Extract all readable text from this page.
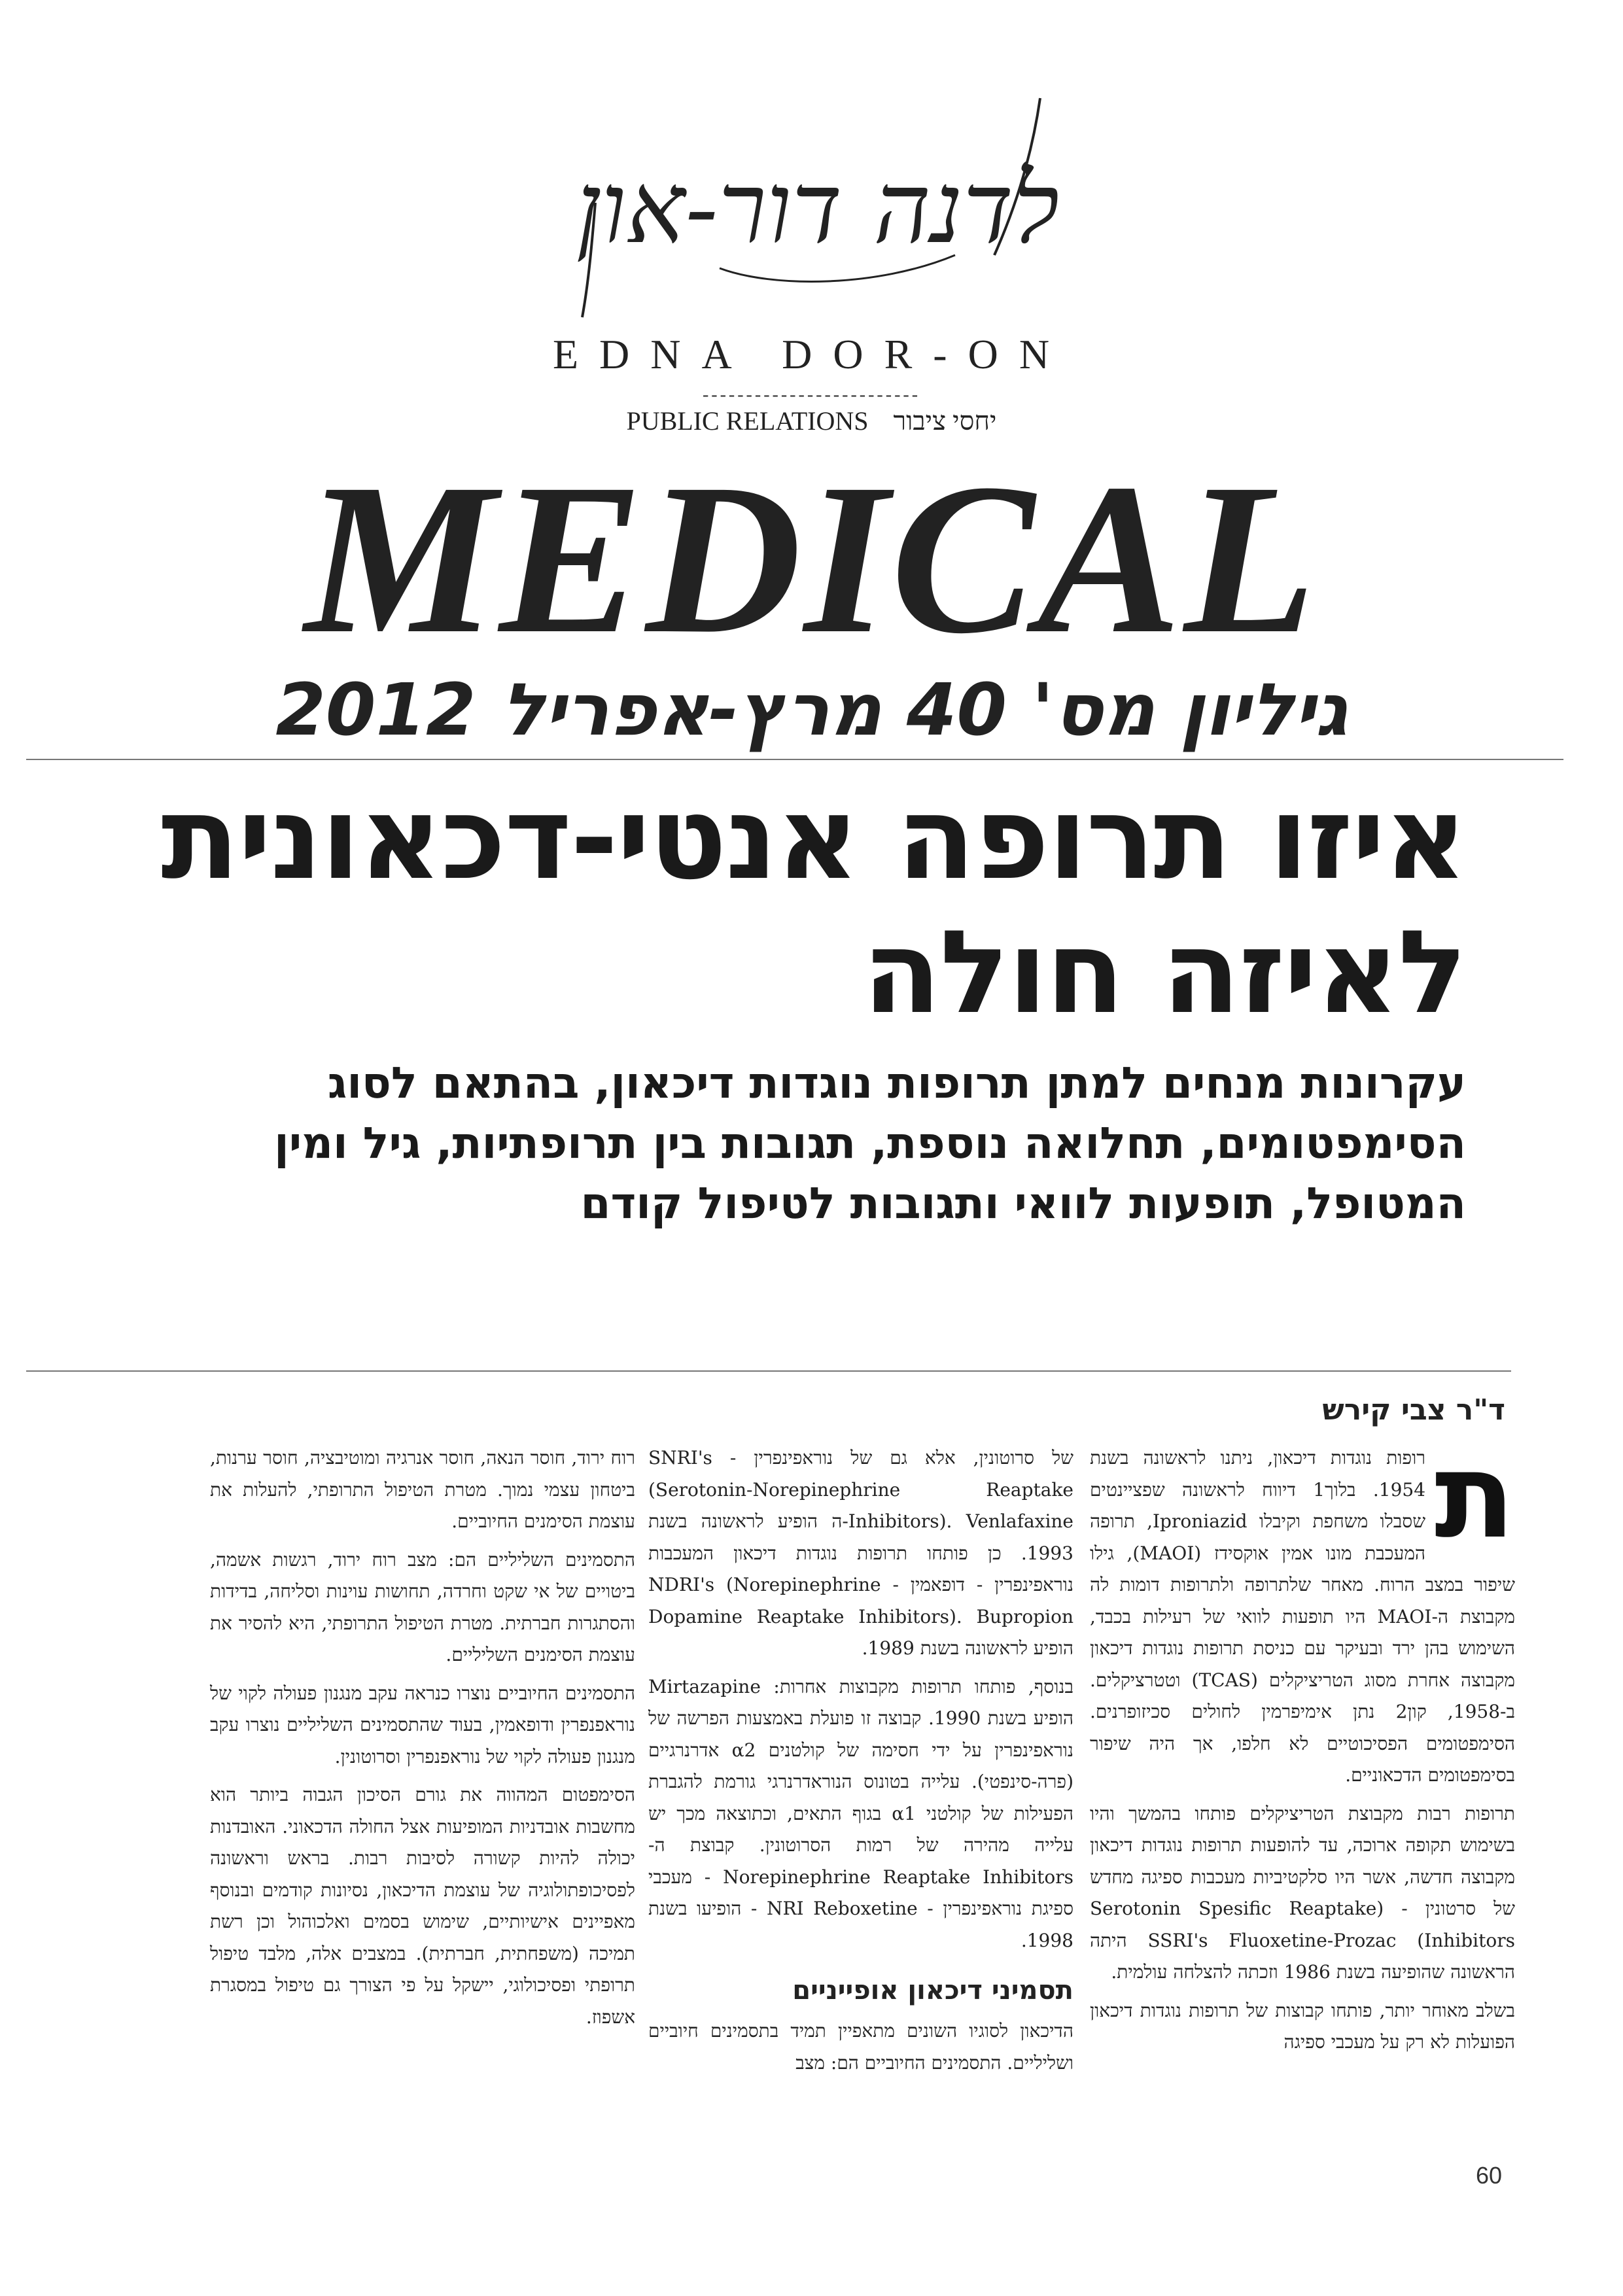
לדנה דור-און
EDNA DOR-ON
-------------------------
PUBLIC RELATIONS יחסי ציבור
MEDICAL
גיליון מס' 40 מרץ-אפריל 2012
איזו תרופה אנטי-דכאונית
לאיזה חולה
עקרונות מנחים למתן תרופות נוגדות דיכאון, בהתאם לסוג הסימפטומים, תחלואה נוספת, תגובות בין תרופתיות, גיל ומין המטופל, תופעות לוואי ותגובות לטיפול קודם
ד"ר צבי קירש
ת

רופות נוגדות דיכאון, ניתנו לראשונה בשנת 1954. בלוך1 דיווח לראשונה שפציינטים שסבלו משחפת וקיבלו Iproniazid, תרופה המעכבת מונו אמין אוקסידז (MAOI), גילו שיפור במצב הרוח. מאחר שלתרופה ולתרופות דומות לה מקבוצת ה-MAOI היו תופעות לוואי של רעילות בכבד, השימוש בהן ירד ובעיקר עם כניסת תרופות נוגדות דיכאון מקבוצה אחרת מסוג הטריציקלים (TCAS) וטטרציקלים. ב-1958, קון2 נתן אימיפרמין לחולים סכיזופרנים. הסימפטומים הפסיכוטיים לא חלפו, אך היה שיפור בסימפטומים הדכאוניים.

תרופות רבות מקבוצת הטריציקלים פותחו בהמשך והיו בשימוש תקופה ארוכה, עד להופעות תרופות נוגדות דיכאון מקבוצה חדשה, אשר היו סלקטיביות מעכבות ספיגה מחדש של סרטונין - (Serotonin Spesific Reaptake Inhibitors) SSRI's Fluoxetine-Prozac היתה הראשונה שהופיעה בשנת 1986 וזכתה להצלחה עולמית.

בשלב מאוחר יותר, פותחו קבוצות של תרופות נוגדות דיכאון הפועלות לא רק על מעכבי ספיגה

של סרוטונין, אלא גם של נוראפינפרין - SNRI's (Serotonin-Norepinephrine Reaptake Inhibitors). Venlafaxine-ה הופיע לראשונה בשנת 1993. כן פותחו תרופות נוגדות דיכאון המעכבות נוראפינפרין - דופאמין - NDRI's (Norepinephrine Dopamine Reaptake Inhibitors). Bupropion הופיע לראשונה בשנת 1989.

בנוסף, פותחו תרופות מקבוצות אחרות: Mirtazapine הופיע בשנת 1990. קבוצה זו פועלת באמצעות הפרשה של נוראפינפרין על ידי חסימה של קולטנים α2 אדרנרגיים (פרה-סינפטי). עלייה בטונוס הנוראדרנרגי גורמת להגברת הפעילות של קולטני α1 בגוף התאים, וכתוצאה מכך יש עלייה מהירה של רמות הסרוטונין. קבוצת ה-Norepinephrine Reaptake Inhibitors - מעכבי ספיגת נוראפינפרין - NRI Reboxetine - הופיעו בשנת 1998.

תסמיני דיכאון אופייניים

הדיכאון לסוגיו השונים מתאפיין תמיד בתסמינים חיוביים ושליליים. התסמינים החיוביים הם: מצב

רוח ירוד, חוסר הנאה, חוסר אנרגיה ומוטיבציה, חוסר ערנות, ביטחון עצמי נמוך. מטרת הטיפול התרופתי, להעלות את עוצמת הסימנים החיוביים.

התסמינים השליליים הם: מצב רוח ירוד, רגשות אשמה, ביטויים של אי שקט וחרדה, תחושות עוינות וסליחה, בדידות והסתגרות חברתית. מטרת הטיפול התרופתי, היא להסיר את עוצמת הסימנים השליליים.

התסמינים החיוביים נוצרו כנראה עקב מנגנון פעולה לקוי של נוראפנפרין ודופאמין, בעוד שהתסמינים השליליים נוצרו עקב מנגנון פעולה לקוי של נוראפנפרין וסרוטונין.

הסימפטום המהווה את גורם הסיכון הגבוה ביותר הוא מחשבות אובדניות המופיעות אצל החולה הדכאוני. האובדנות יכולה להיות קשורה לסיבות רבות. בראש וראשונה לפסיכופתולוגיה של עוצמת הדיכאון, נסיונות קודמים ובנוסף מאפיינים אישיותיים, שימוש בסמים ואלכוהול וכן רשת תמיכה (משפחתית, חברתית). במצבים אלה, מלבד טיפול תרופתי ופסיכולוגי, יישקל על פי הצורך גם טיפול במסגרת אשפוז.

60
